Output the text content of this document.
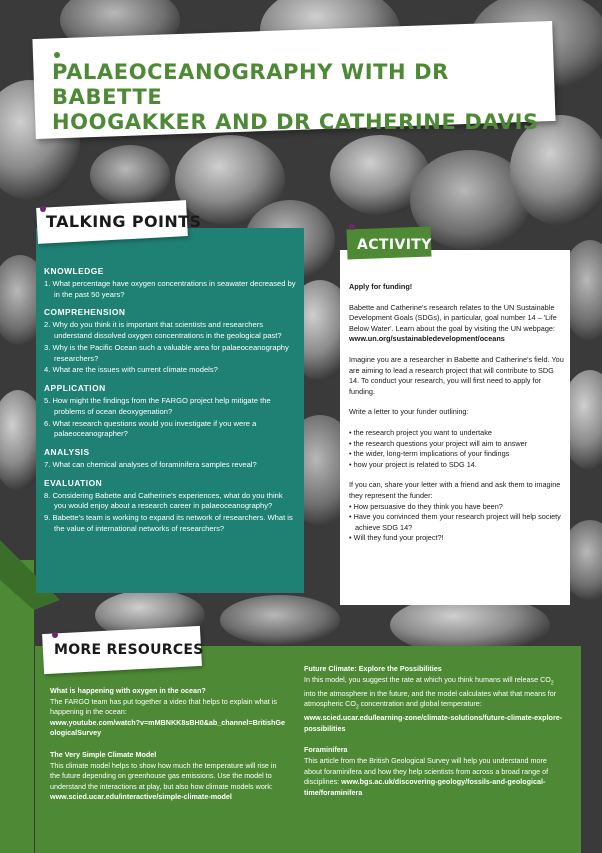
PALAEOCEANOGRAPHY WITH DR BABETTE
HOOGAKKER AND DR CATHERINE DAVIS
TALKING POINTS
KNOWLEDGE
1. What percentage have oxygen concentrations in seawater decreased by in the past 50 years?
COMPREHENSION
2. Why do you think it is important that scientists and researchers understand dissolved oxygen concentrations in the geological past?
3. Why is the Pacific Ocean such a valuable area for palaeoceanography researchers?
4. What are the issues with current climate models?
APPLICATION
5. How might the findings from the FARGO project help mitigate the problems of ocean deoxygenation?
6. What research questions would you investigate if you were a palaeoceanographer?
ANALYSIS
7. What can chemical analyses of foraminifera samples reveal?
EVALUATION
8. Considering Babette and Catherine's experiences, what do you think you would enjoy about a research career in palaeoceanography?
9. Babette's team is working to expand its network of researchers. What is the value of international networks of researchers?
ACTIVITY

Apply for funding!

Babette and Catherine's research relates to the UN Sustainable Development Goals (SDGs), in particular, goal number 14 – 'Life Below Water'. Learn about the goal by visiting the UN webpage:
www.un.org/sustainabledevelopment/oceans

Imagine you are a researcher in Babette and Catherine's field. You are aiming to lead a research project that will contribute to SDG 14. To conduct your research, you will first need to apply for funding.

Write a letter to your funder outlining:

• the research project you want to undertake
• the research questions your project will aim to answer
• the wider, long-term implications of your findings
• how your project is related to SDG 14.

If you can, share your letter with a friend and ask them to imagine they represent the funder:

• How persuasive do they think you have been?
• Have you convinced them your research project will help society achieve SDG 14?
• Will they fund your project?!
MORE RESOURCES
What is happening with oxygen in the ocean?
The FARGO team has put together a video that helps to explain what is happening in the ocean:
www.youtube.com/watch?v=mMBNKK8sBH0&ab_channel=BritishGeologicalSurvey
The Very Simple Climate Model
This climate model helps to show how much the temperature will rise in the future depending on greenhouse gas emissions. Use the model to understand the interactions at play, but also how climate models work:
www.scied.ucar.edu/interactive/simple-climate-model
Future Climate: Explore the Possibilities
In this model, you suggest the rate at which you think humans will release $CO_2$ into the atmosphere in the future, and the model calculates what that means for atmospheric $CO_2$ concentration and global temperature: www.scied.ucar.edu/learning-zone/climate-solutions/future-climate-explore-possibilities
Foraminifera
This article from the British Geological Survey will help you understand more about foraminifera and how they help scientists from across a broad range of disciplines: www.bgs.ac.uk/discovering-geology/fossils-and-geological-time/foraminifera
